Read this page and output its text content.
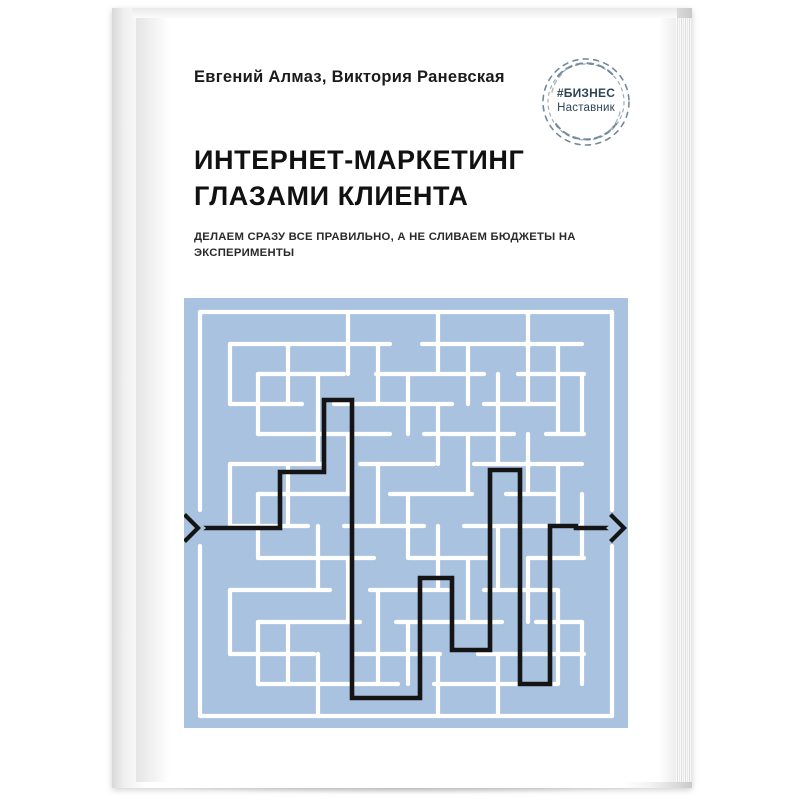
Евгений Алмаз, Виктория Раневская
ИНТЕРНЕТ-МАРКЕТИНГ
ГЛАЗАМИ КЛИЕНТА
ДЕЛАЕМ СРАЗУ ВСЕ ПРАВИЛЬНО, А НЕ СЛИВАЕМ БЮДЖЕТЫ НА ЭКСПЕРИМЕНТЫ
#БИЗНЕС
Наставник
